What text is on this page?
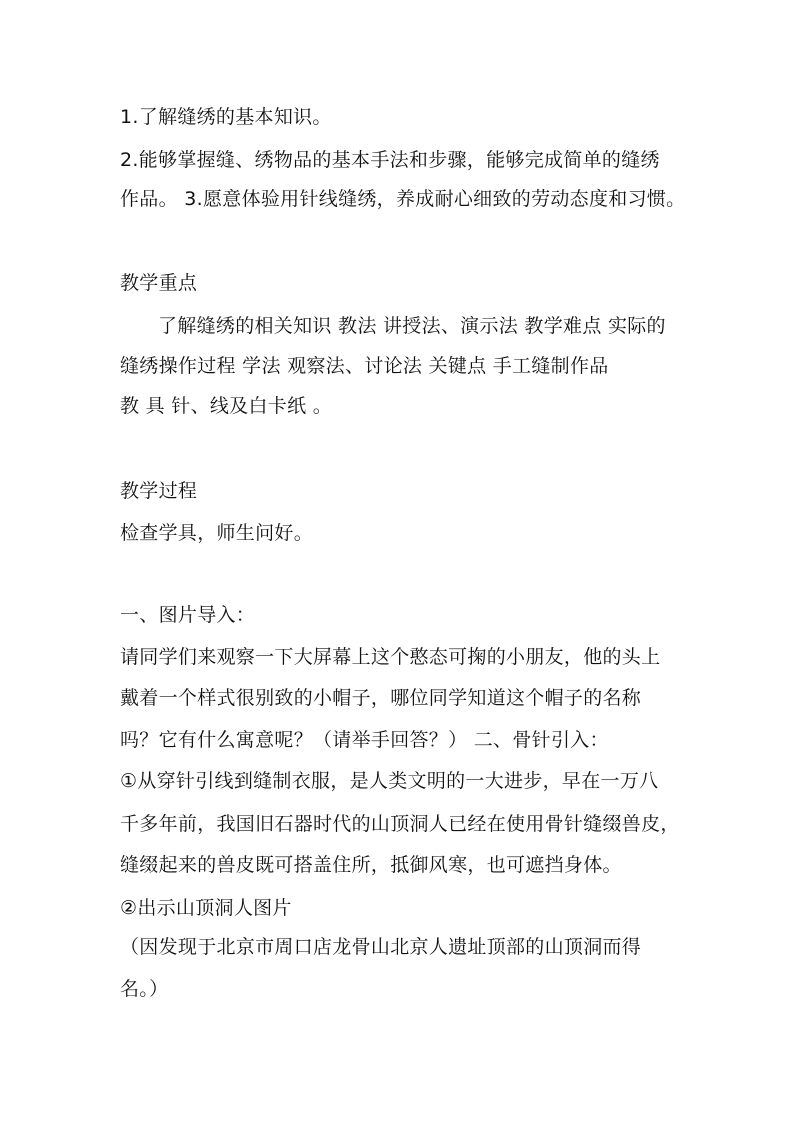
1.了解缝绣的基本知识。
2.能够掌握缝、绣物品的基本手法和步骤，能够完成简单的缝绣
作品。 3.愿意体验用针线缝绣，养成耐心细致的劳动态度和习惯。
教学重点
了解缝绣的相关知识 教法 讲授法、演示法 教学难点 实际的
缝绣操作过程 学法 观察法、讨论法 关键点 手工缝制作品
教 具 针、线及白卡纸 。
教学过程
检查学具，师生问好。
一、图片导入：
请同学们来观察一下大屏幕上这个憨态可掬的小朋友，他的头上
戴着一个样式很别致的小帽子，哪位同学知道这个帽子的名称
吗？它有什么寓意呢？（请举手回答？） 二、骨针引入：
①从穿针引线到缝制衣服，是人类文明的一大进步，早在一万八
千多年前，我国旧石器时代的山顶洞人已经在使用骨针缝缀兽皮，
缝缀起来的兽皮既可搭盖住所，抵御风寒，也可遮挡身体。
②出示山顶洞人图片
（因发现于北京市周口店龙骨山北京人遗址顶部的山顶洞而得
名。）
